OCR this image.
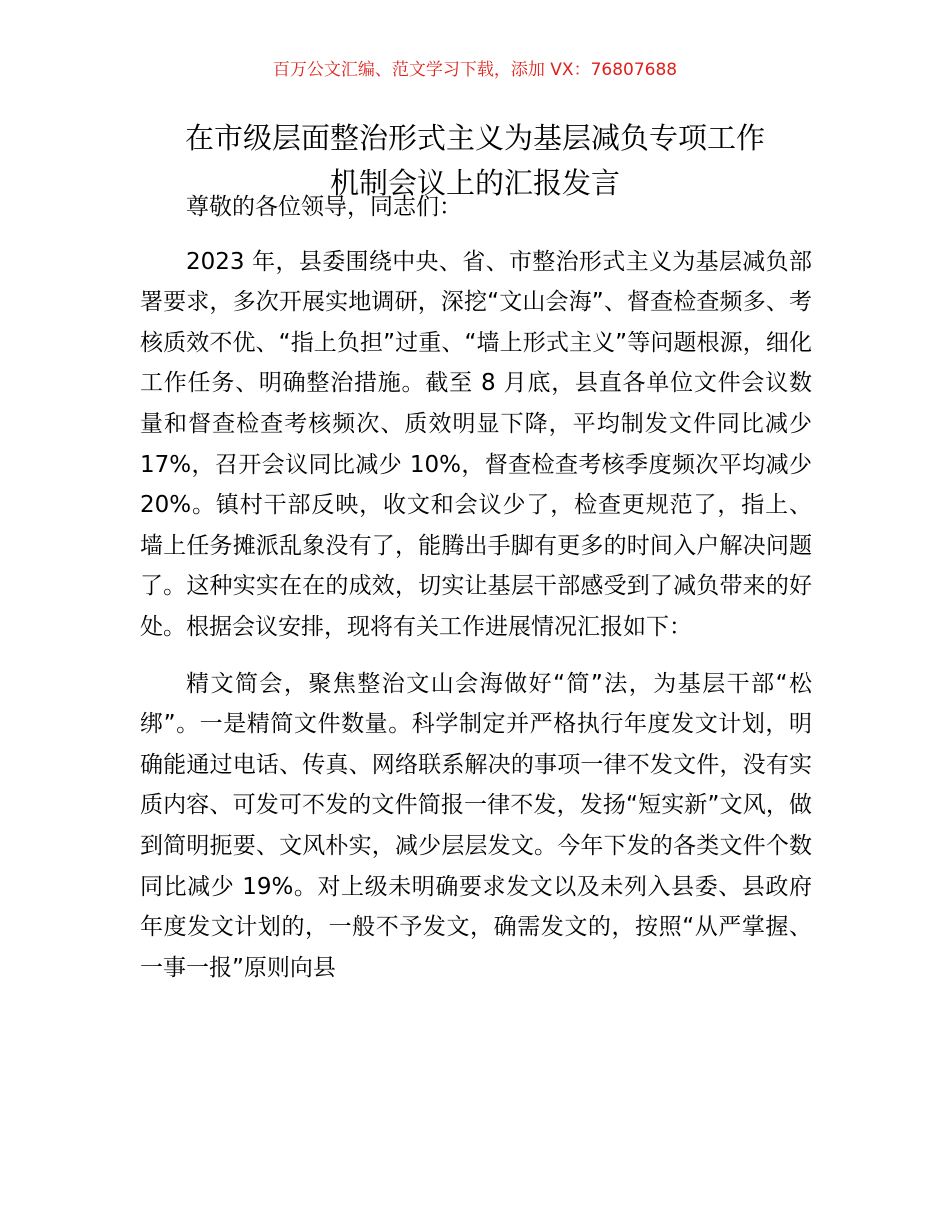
百万公文汇编、范文学习下载，添加 VX：76807688
在市级层面整治形式主义为基层减负专项工作
机制会议上的汇报发言

尊敬的各位领导，同志们：

2023 年，县委围绕中央、省、市整治形式主义为基层减负部署要求，多次开展实地调研，深挖“文山会海”、督查检查频多、考核质效不优、“指上负担”过重、“墙上形式主义”等问题根源，细化工作任务、明确整治措施。截至 8 月底，县直各单位文件会议数量和督查检查考核频次、质效明显下降，平均制发文件同比减少 17%，召开会议同比减少 10%，督查检查考核季度频次平均减少 20%。镇村干部反映，收文和会议少了，检查更规范了，指上、墙上任务摊派乱象没有了，能腾出手脚有更多的时间入户解决问题了。这种实实在在的成效，切实让基层干部感受到了减负带来的好处。根据会议安排，现将有关工作进展情况汇报如下：

精文简会，聚焦整治文山会海做好“简”法，为基层干部“松绑”。一是精简文件数量。科学制定并严格执行年度发文计划，明确能通过电话、传真、网络联系解决的事项一律不发文件，没有实质内容、可发可不发的文件简报一律不发，发扬“短实新”文风，做到简明扼要、文风朴实，减少层层发文。今年下发的各类文件个数同比减少 19%。对上级未明确要求发文以及未列入县委、县政府年度发文计划的，一般不予发文，确需发文的，按照“从严掌握、一事一报”原则向县
